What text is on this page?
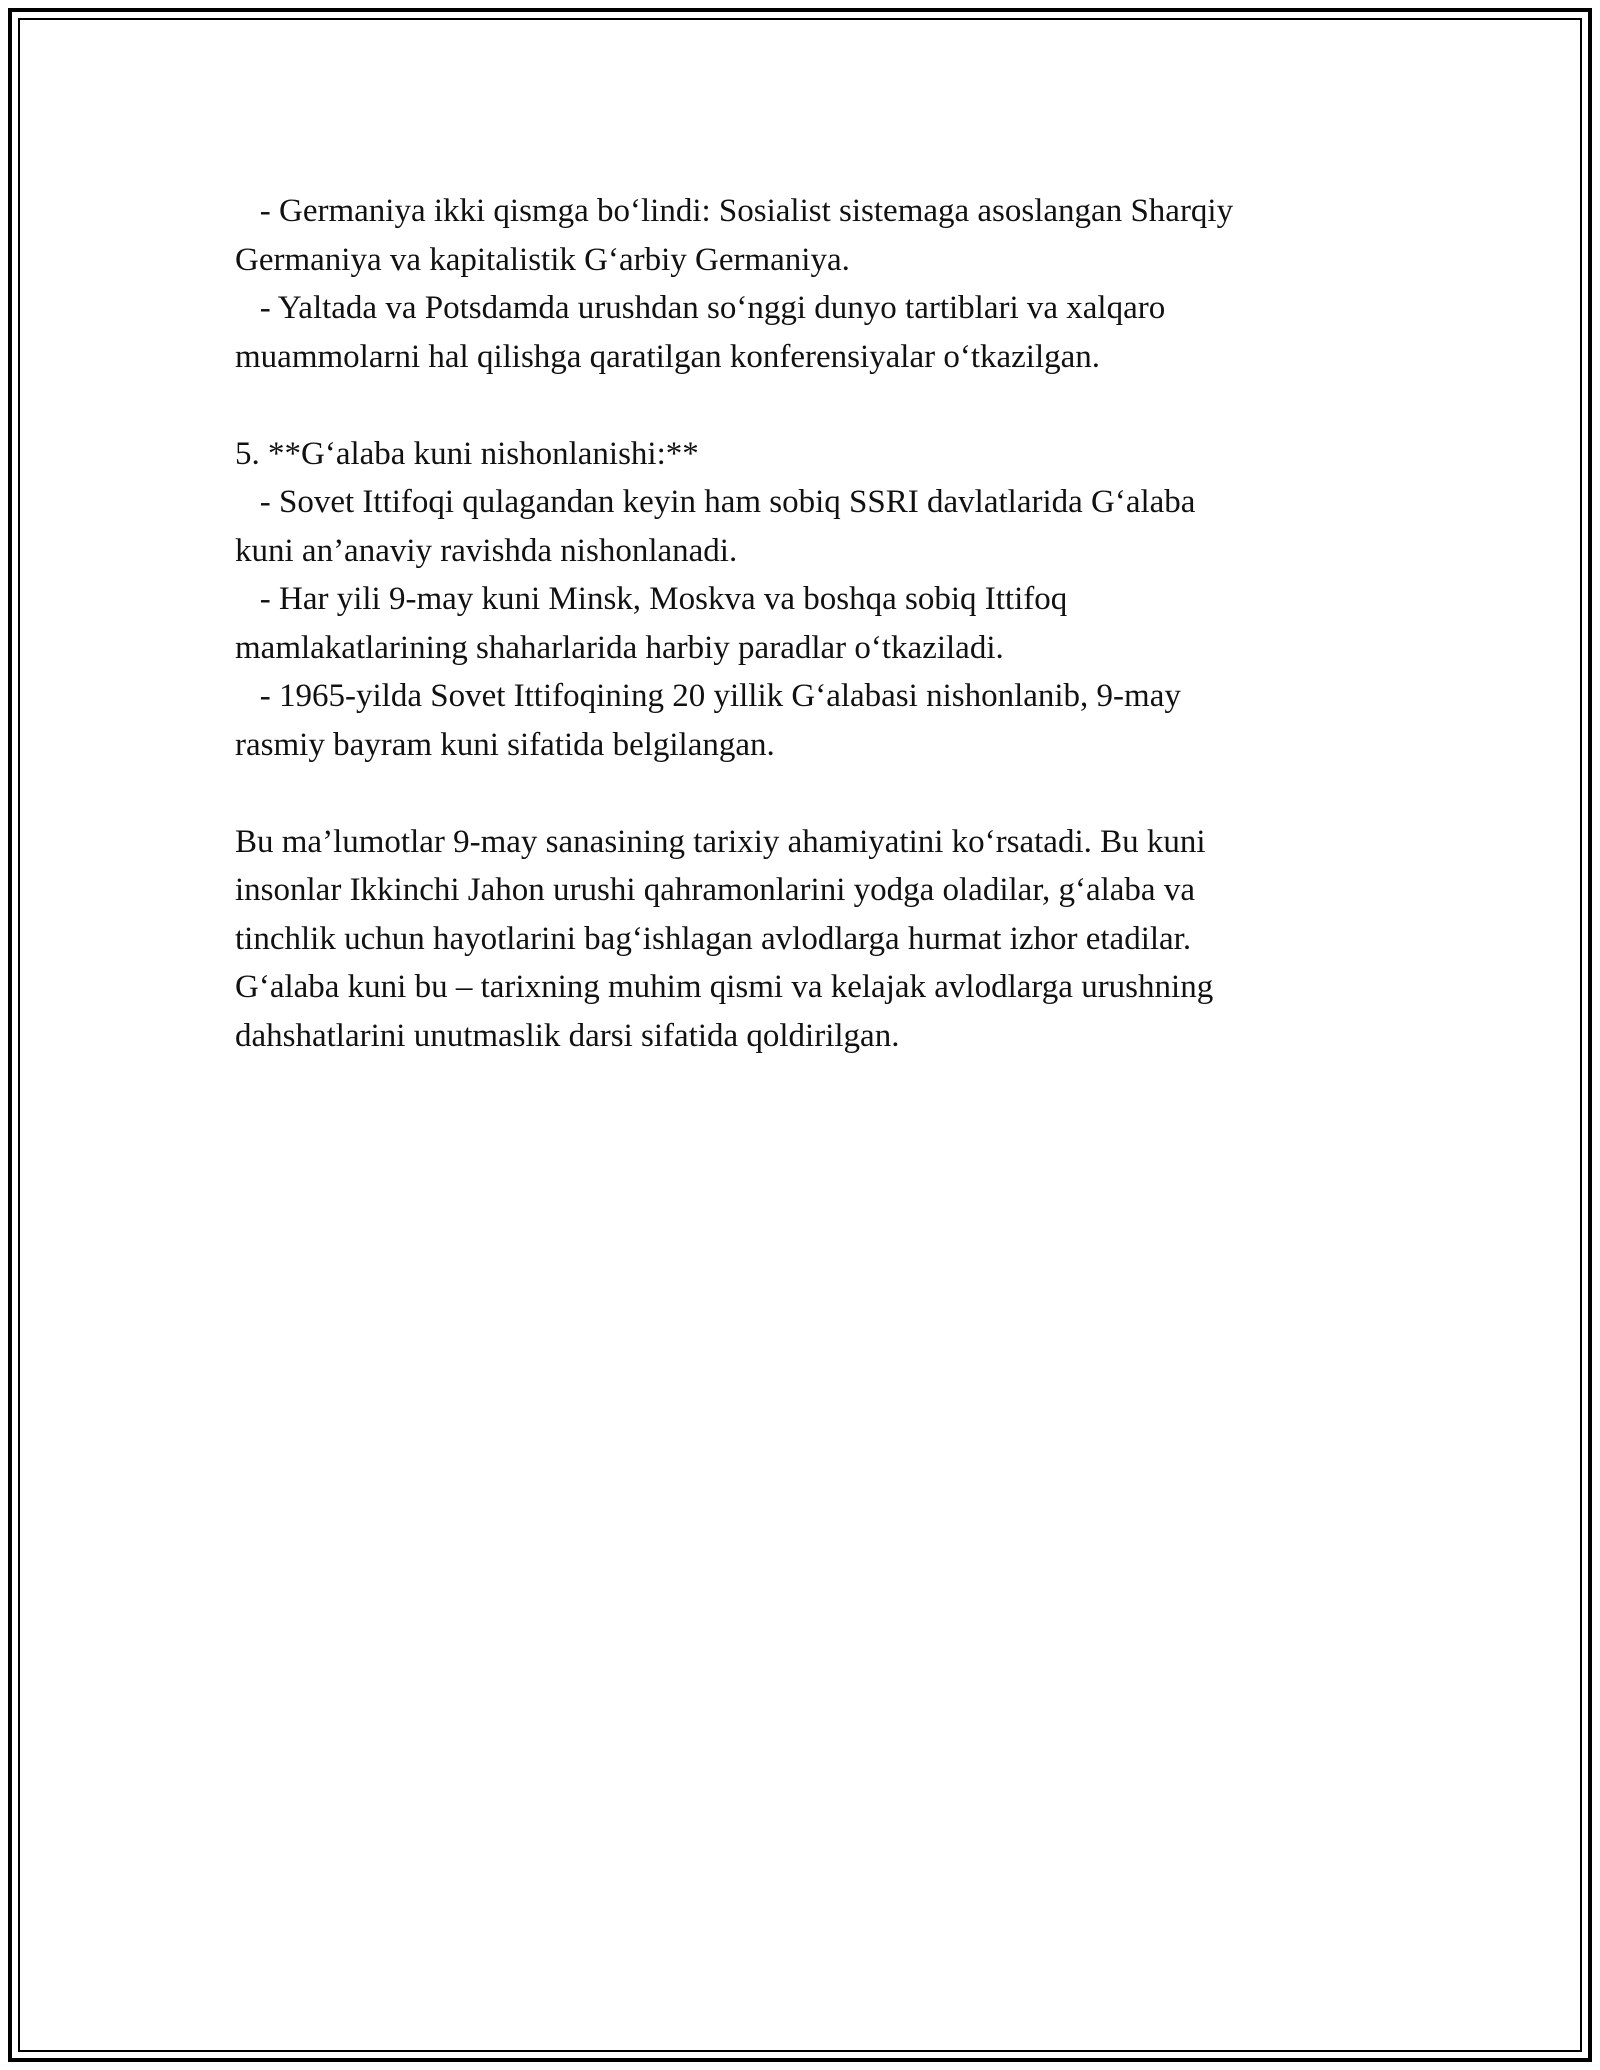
- Germaniya ikki qismga bo‘lindi: Sosialist sistemaga asoslangan Sharqiy
Germaniya va kapitalistik G‘arbiy Germaniya.
- Yaltada va Potsdamda urushdan so‘nggi dunyo tartiblari va xalqaro
muammolarni hal qilishga qaratilgan konferensiyalar o‘tkazilgan.
5. **G‘alaba kuni nishonlanishi:**
- Sovet Ittifoqi qulagandan keyin ham sobiq SSRI davlatlarida G‘alaba
kuni an’anaviy ravishda nishonlanadi.
- Har yili 9-may kuni Minsk, Moskva va boshqa sobiq Ittifoq
mamlakatlarining shaharlarida harbiy paradlar o‘tkaziladi.
- 1965-yilda Sovet Ittifoqining 20 yillik G‘alabasi nishonlanib, 9-may
rasmiy bayram kuni sifatida belgilangan.
Bu ma’lumotlar 9-may sanasining tarixiy ahamiyatini ko‘rsatadi. Bu kuni
insonlar Ikkinchi Jahon urushi qahramonlarini yodga oladilar, g‘alaba va
tinchlik uchun hayotlarini bag‘ishlagan avlodlarga hurmat izhor etadilar.
G‘alaba kuni bu – tarixning muhim qismi va kelajak avlodlarga urushning
dahshatlarini unutmaslik darsi sifatida qoldirilgan.
